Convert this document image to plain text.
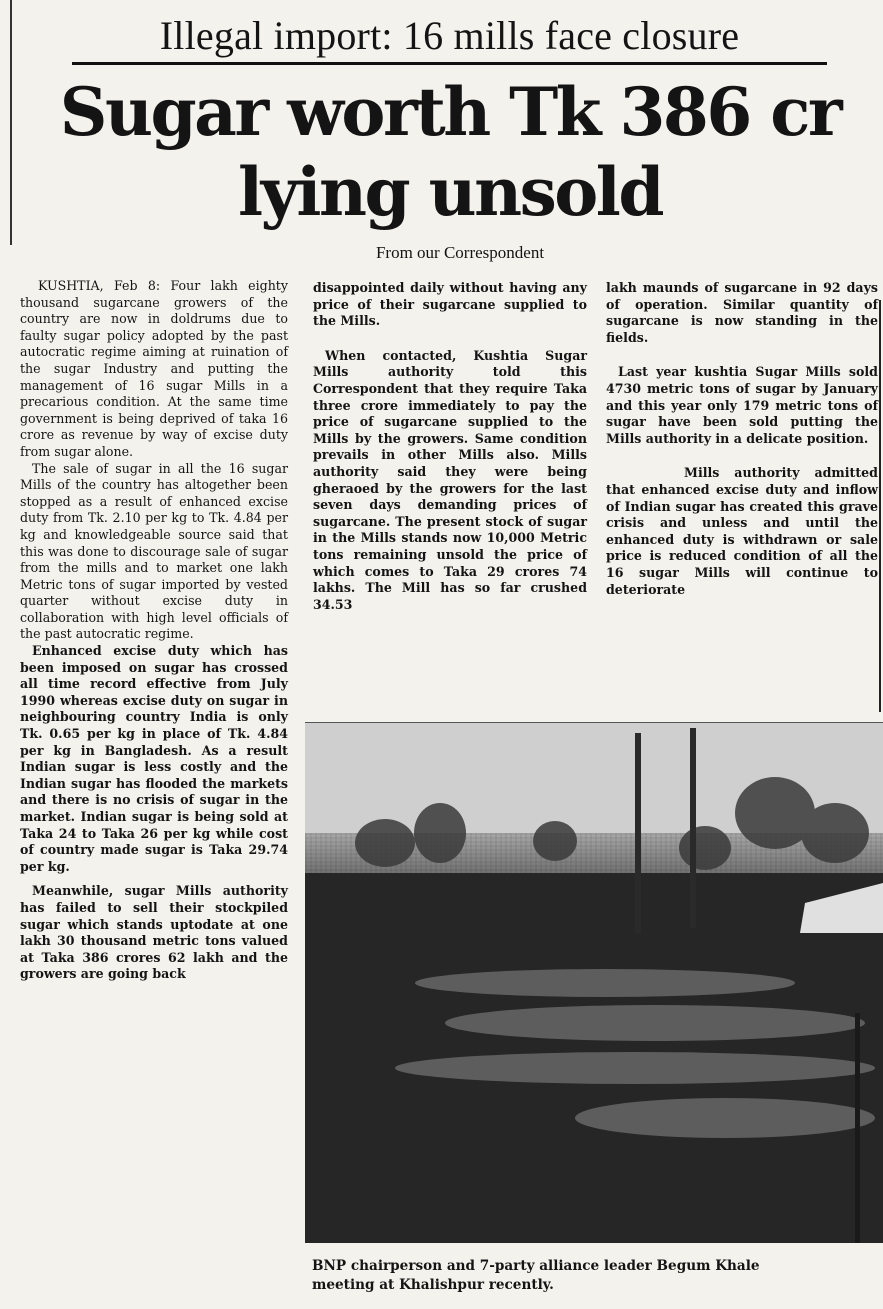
Illegal import: 16 mills face closure
Sugar worth Tk 386 cr
lying unsold
From our Correspondent

KUSHTIA, Feb 8: Four lakh eighty thousand sugarcane growers of the country are now in doldrums due to faulty sugar policy adopted by the past autocratic regime aiming at ruination of the sugar Industry and putting the management of 16 sugar Mills in a precarious condition. At the same time government is being deprived of taka 16 crore as revenue by way of excise duty from sugar alone.

The sale of sugar in all the 16 sugar Mills of the country has altogether been stopped as a result of enhanced excise duty from Tk. 2.10 per kg to Tk. 4.84 per kg and knowledgeable source said that this was done to discourage sale of sugar from the mills and to market one lakh Metric tons of sugar imported by vested quarter without excise duty in collaboration with high level officials of the past autocratic regime.

Enhanced excise duty which has been imposed on sugar has crossed all time record effective from July 1990 whereas excise duty on sugar in neighbouring country India is only Tk. 0.65 per kg in place of Tk. 4.84 per kg in Bangladesh. As a result Indian sugar is less costly and the Indian sugar has flooded the markets and there is no crisis of sugar in the market. Indian sugar is being sold at Taka 24 to Taka 26 per kg while cost of country made sugar is Taka 29.74 per kg.

Meanwhile, sugar Mills authority has failed to sell their stockpiled sugar which stands uptodate at one lakh 30 thousand metric tons valued at Taka 386 crores 62 lakh and the growers are going back

disappointed daily without having any price of their sugarcane supplied to the Mills.

When contacted, Kushtia Sugar Mills authority told this Correspondent that they require Taka three crore immediately to pay the price of sugarcane supplied to the Mills by the growers. Same condition prevails in other Mills also. Mills authority said they were being gheraoed by the growers for the last seven days demanding prices of sugarcane. The present stock of sugar in the Mills stands now 10,000 Metric tons remaining unsold the price of which comes to Taka 29 crores 74 lakhs. The Mill has so far crushed 34.53

lakh maunds of sugarcane in 92 days of operation. Similar quantity of sugarcane is now standing in the fields.

Last year kushtia Sugar Mills sold 4730 metric tons of sugar by January and this year only 179 metric tons of sugar have been sold putting the Mills authority in a delicate position.

Mills authority admitted that enhanced excise duty and inflow of Indian sugar has created this grave crisis and unless and until the enhanced duty is withdrawn or sale price is reduced condition of all the 16 sugar Mills will continue to deteriorate

BNP chairperson and 7-party alliance leader Begum Khale
meeting at Khalishpur recently.
